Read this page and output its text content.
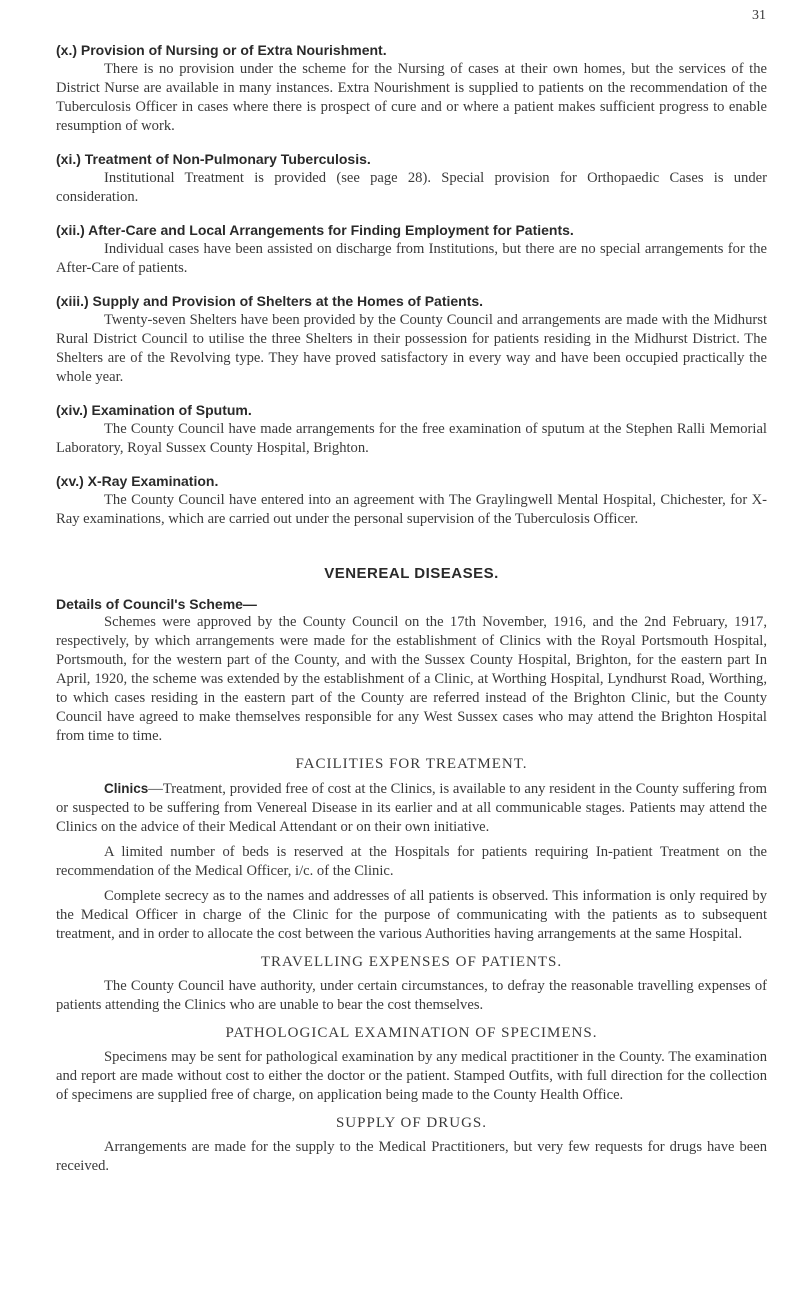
31
(x.) Provision of Nursing or of Extra Nourishment.

There is no provision under the scheme for the Nursing of cases at their own homes, but the services of the District Nurse are available in many instances. Extra Nourishment is supplied to patients on the recommendation of the Tuberculosis Officer in cases where there is prospect of cure and or where a patient makes sufficient progress to enable resumption of work.

(xi.) Treatment of Non-Pulmonary Tuberculosis.

Institutional Treatment is provided (see page 28). Special provision for Orthopaedic Cases is under consideration.

(xii.) After-Care and Local Arrangements for Finding Employment for Patients.

Individual cases have been assisted on discharge from Institutions, but there are no special arrangements for the After-Care of patients.

(xiii.) Supply and Provision of Shelters at the Homes of Patients.

Twenty-seven Shelters have been provided by the County Council and arrangements are made with the Midhurst Rural District Council to utilise the three Shelters in their possession for patients residing in the Midhurst District. The Shelters are of the Revolving type. They have proved satisfactory in every way and have been occupied practically the whole year.

(xiv.) Examination of Sputum.

The County Council have made arrangements for the free examination of sputum at the Stephen Ralli Memorial Laboratory, Royal Sussex County Hospital, Brighton.

(xv.) X-Ray Examination.

The County Council have entered into an agreement with The Graylingwell Mental Hospital, Chichester, for X-Ray examinations, which are carried out under the personal supervision of the Tuberculosis Officer.

VENEREAL DISEASES.
Details of Council's Scheme—

Schemes were approved by the County Council on the 17th November, 1916, and the 2nd February, 1917, respectively, by which arrangements were made for the establishment of Clinics with the Royal Portsmouth Hospital, Portsmouth, for the western part of the County, and with the Sussex County Hospital, Brighton, for the eastern part In April, 1920, the scheme was extended by the establishment of a Clinic, at Worthing Hospital, Lyndhurst Road, Worthing, to which cases residing in the eastern part of the County are referred instead of the Brighton Clinic, but the County Council have agreed to make themselves responsible for any West Sussex cases who may attend the Brighton Hospital from time to time.

FACILITIES FOR TREATMENT.

Clinics—Treatment, provided free of cost at the Clinics, is available to any resident in the County suffering from or suspected to be suffering from Venereal Disease in its earlier and at all communicable stages. Patients may attend the Clinics on the advice of their Medical Attendant or on their own initiative.

A limited number of beds is reserved at the Hospitals for patients requiring In-patient Treatment on the recommendation of the Medical Officer, i/c. of the Clinic.

Complete secrecy as to the names and addresses of all patients is observed. This information is only required by the Medical Officer in charge of the Clinic for the purpose of communicating with the patients as to subsequent treatment, and in order to allocate the cost between the various Authorities having arrangements at the same Hospital.

TRAVELLING EXPENSES OF PATIENTS.

The County Council have authority, under certain circumstances, to defray the reasonable travelling expenses of patients attending the Clinics who are unable to bear the cost themselves.

PATHOLOGICAL EXAMINATION OF SPECIMENS.

Specimens may be sent for pathological examination by any medical practitioner in the County. The examination and report are made without cost to either the doctor or the patient. Stamped Outfits, with full direction for the collection of specimens are supplied free of charge, on application being made to the County Health Office.

SUPPLY OF DRUGS.

Arrangements are made for the supply to the Medical Practitioners, but very few requests for drugs have been received.
